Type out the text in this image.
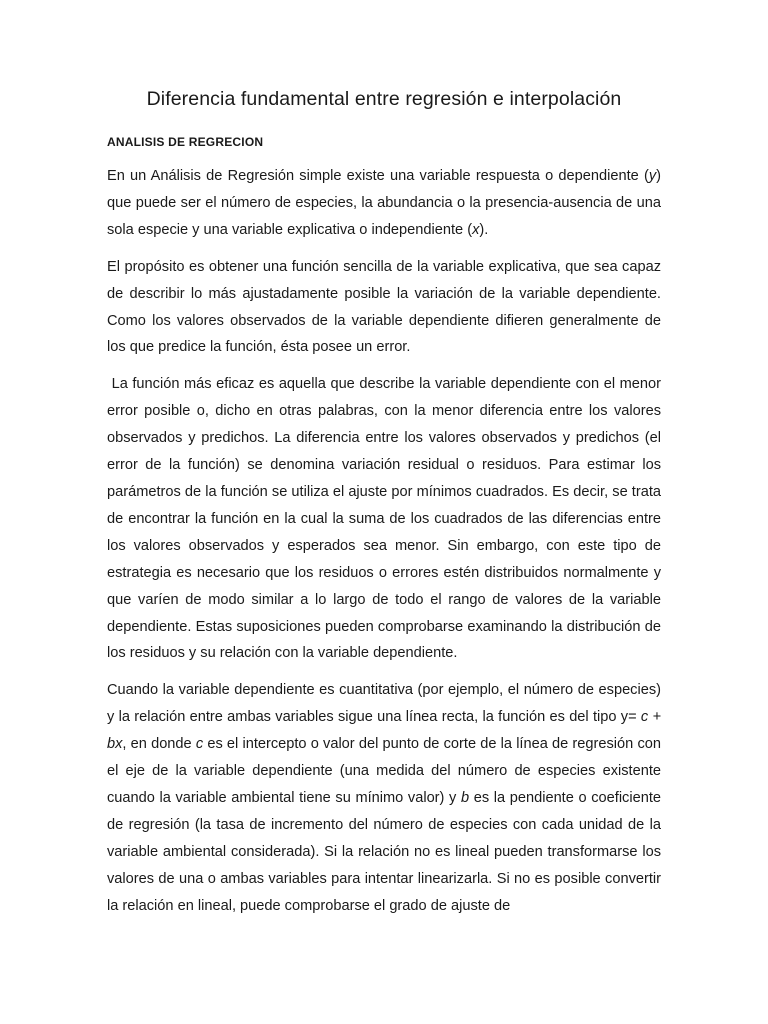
Diferencia fundamental entre regresión e interpolación
ANALISIS DE REGRECION

En un Análisis de Regresión simple existe una variable respuesta o dependiente (y) que puede ser el número de especies, la abundancia o la presencia-ausencia de una sola especie y una variable explicativa o independiente (x).

El propósito es obtener una función sencilla de la variable explicativa, que sea capaz de describir lo más ajustadamente posible la variación de la variable dependiente. Como los valores observados de la variable dependiente difieren generalmente de los que predice la función, ésta posee un error.

La función más eficaz es aquella que describe la variable dependiente con el menor error posible o, dicho en otras palabras, con la menor diferencia entre los valores observados y predichos. La diferencia entre los valores observados y predichos (el error de la función) se denomina variación residual o residuos. Para estimar los parámetros de la función se utiliza el ajuste por mínimos cuadrados. Es decir, se trata de encontrar la función en la cual la suma de los cuadrados de las diferencias entre los valores observados y esperados sea menor. Sin embargo, con este tipo de estrategia es necesario que los residuos o errores estén distribuidos normalmente y que varíen de modo similar a lo largo de todo el rango de valores de la variable dependiente. Estas suposiciones pueden comprobarse examinando la distribución de los residuos y su relación con la variable dependiente.

Cuando la variable dependiente es cuantitativa (por ejemplo, el número de especies) y la relación entre ambas variables sigue una línea recta, la función es del tipo y= c + bx, en donde c es el intercepto o valor del punto de corte de la línea de regresión con el eje de la variable dependiente (una medida del número de especies existente cuando la variable ambiental tiene su mínimo valor) y b es la pendiente o coeficiente de regresión (la tasa de incremento del número de especies con cada unidad de la variable ambiental considerada). Si la relación no es lineal pueden transformarse los valores de una o ambas variables para intentar linearizarla. Si no es posible convertir la relación en lineal, puede comprobarse el grado de ajuste de
